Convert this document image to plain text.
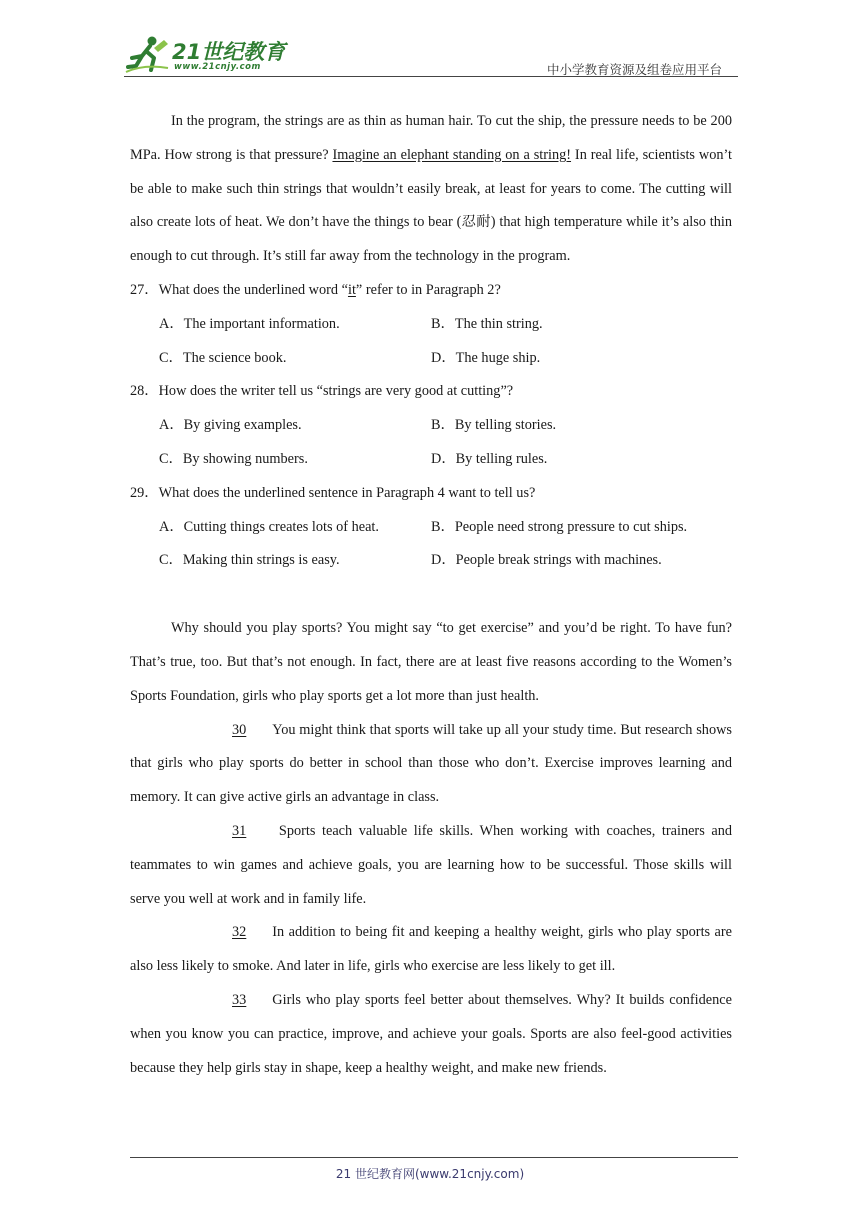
21世纪教育
www.21cnjy.com	中小学教育资源及组卷应用平台

In the program, the strings are as thin as human hair. To cut the ship, the pressure needs to be 200 MPa. How strong is that pressure? Imagine an elephant standing on a string! In real life, scientists won’t be able to make such thin strings that wouldn’t easily break, at least for years to come. The cutting will also create lots of heat. We don’t have the things to bear (忍耐) that high temperature while it’s also thin enough to cut through. It’s still far away from the technology in the program.

27．What does the underlined word “it” refer to in Paragraph 2?

A．The important information.	B．The thin string.
C．The science book.	D．The huge ship.

28．How does the writer tell us “strings are very good at cutting”?

A．By giving examples.	B．By telling stories.
C．By showing numbers.	D．By telling rules.

29．What does the underlined sentence in Paragraph 4 want to tell us?

A．Cutting things creates lots of heat.	B．People need strong pressure to cut ships.
C．Making thin strings is easy.	D．People break strings with machines.

Why should you play sports? You might say “to get exercise” and you’d be right. To have fun? That’s true, too. But that’s not enough. In fact, there are at least five reasons according to the Women’s Sports Foundation, girls who play sports get a lot more than just health.

30 You might think that sports will take up all your study time. But research shows that girls who play sports do better in school than those who don’t. Exercise improves learning and memory. It can give active girls an advantage in class.

31 Sports teach valuable life skills. When working with coaches, trainers and teammates to win games and achieve goals, you are learning how to be successful. Those skills will serve you well at work and in family life.

32 In addition to being fit and keeping a healthy weight, girls who play sports are also less likely to smoke. And later in life, girls who exercise are less likely to get ill.

33 Girls who play sports feel better about themselves. Why? It builds confidence when you know you can practice, improve, and achieve your goals. Sports are also feel-good activities because they help girls stay in shape, keep a healthy weight, and make new friends.

21 世纪教育网(www.21cnjy.com)
